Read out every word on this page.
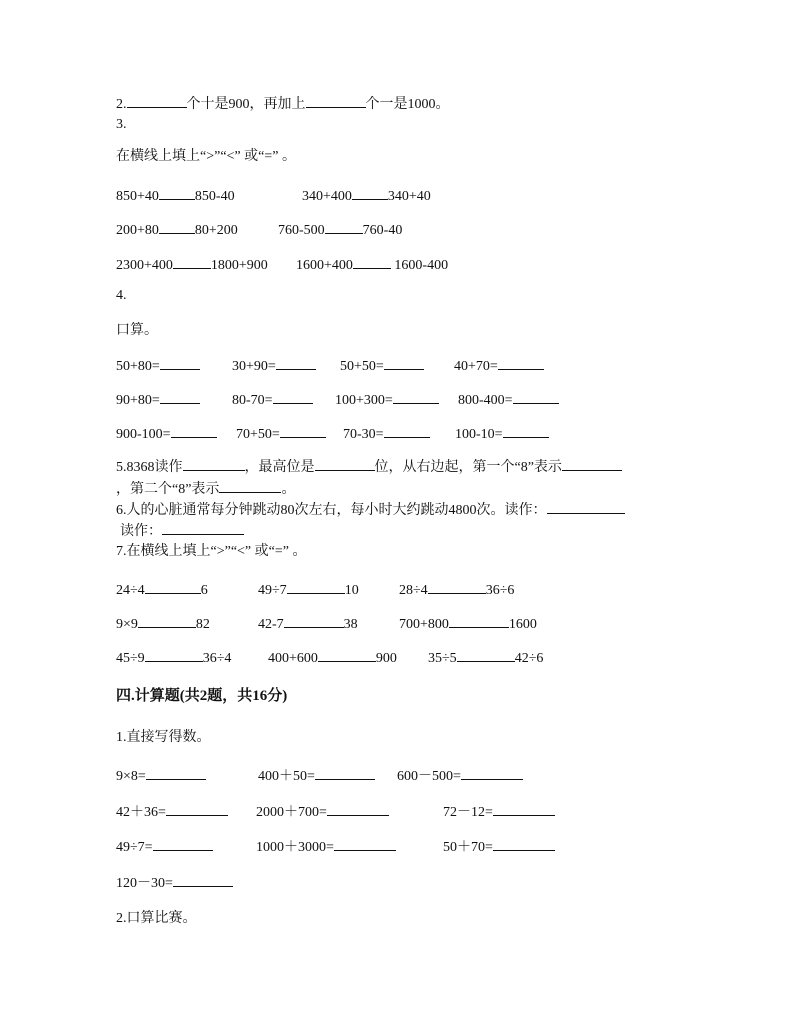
2.	个十是900，再加上	个一是1000。
3.
在横线上填上“>”“<” 或“=” 。
850+40	850-40	340+400	340+40
200+80	80+200	760-500	760-40
2300+400	1800+900 1600+400	1600-400
4.
口算。
50+80=	30+90=	50+50=	40+70=
90+80=	80-70=	100+300=	800-400=
900-100=	70+50=	70-30=	100-10=
5.8368读作	，最高位是	位，从右边起，第一个“8”表示
，第二个“8”表示	。
6.人的心脏通常每分钟跳动80次左右，每小时大约跳动4800次。读作：
读作：
7.在横线上填上“>”“<” 或“=” 。
24÷4	6	49÷7	10	28÷4	36÷6
9×9	82	42-7	38	700+800	1600
45÷9	36÷4	400+600	900 35÷5	42÷6
四.计算题(共2题，共16分)
1.直接写得数。
9×8=	400＋50=	600－500=
42＋36=	2000＋700=	72－12=
49÷7=	1000＋3000=	50＋70=
120－30=
2.口算比赛。
